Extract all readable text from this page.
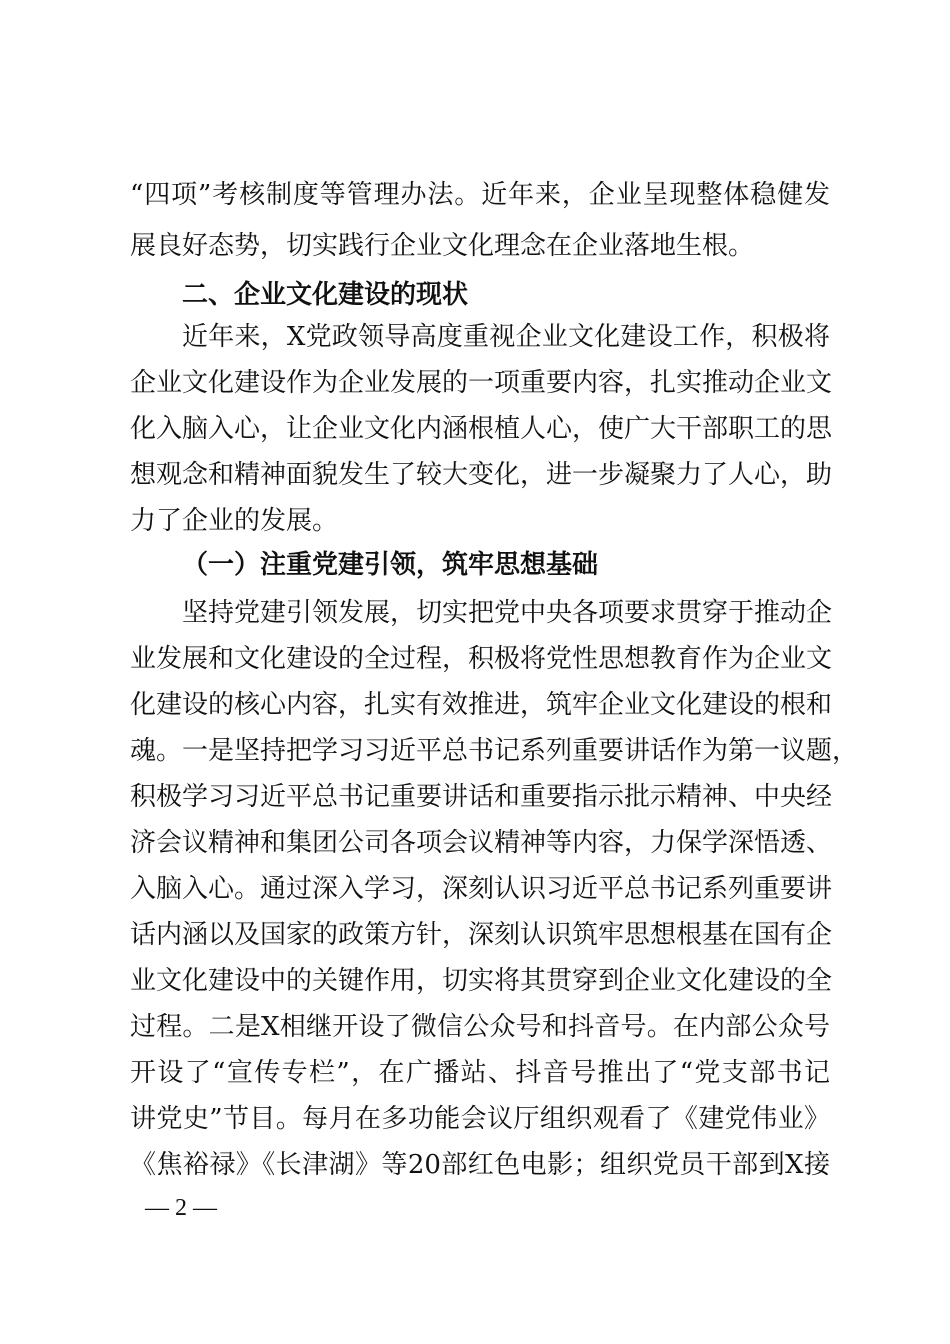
“四项”考核制度等管理办法。近年来，企业呈现整体稳健发
展良好态势，切实践行企业文化理念在企业落地生根。
二、企业文化建设的现状
近年来，X党政领导高度重视企业文化建设工作，积极将
企业文化建设作为企业发展的一项重要内容，扎实推动企业文
化入脑入心，让企业文化内涵根植人心，使广大干部职工的思
想观念和精神面貌发生了较大变化，进一步凝聚力了人心，助
力了企业的发展。
（一）注重党建引领，筑牢思想基础
坚持党建引领发展，切实把党中央各项要求贯穿于推动企
业发展和文化建设的全过程，积极将党性思想教育作为企业文
化建设的核心内容，扎实有效推进，筑牢企业文化建设的根和
魂。一是坚持把学习习近平总书记系列重要讲话作为第一议题，
积极学习习近平总书记重要讲话和重要指示批示精神、中央经
济会议精神和集团公司各项会议精神等内容，力保学深悟透、
入脑入心。通过深入学习，深刻认识习近平总书记系列重要讲
话内涵以及国家的政策方针，深刻认识筑牢思想根基在国有企
业文化建设中的关键作用，切实将其贯穿到企业文化建设的全
过程。二是X相继开设了微信公众号和抖音号。在内部公众号
开设了“宣传专栏”，在广播站、抖音号推出了“党支部书记
讲党史”节目。每月在多功能会议厅组织观看了《建党伟业》
《焦裕禄》《长津湖》等20部红色电影；组织党员干部到X接
— 2 —
